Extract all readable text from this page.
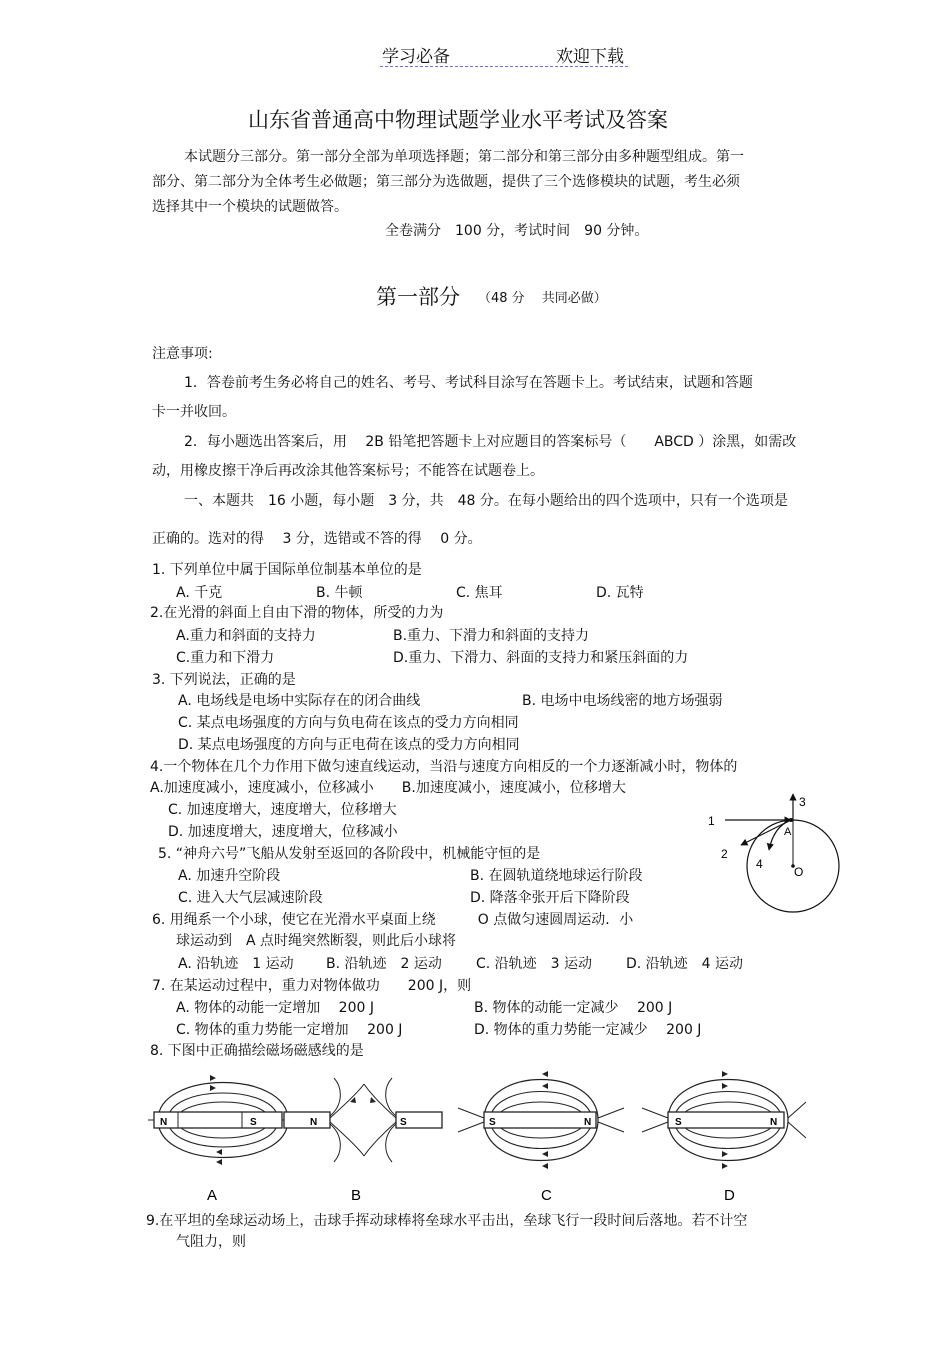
学习必备	欢迎下载
山东省普通高中物理试题学业水平考试及答案
本试题分三部分。第一部分全部为单项选择题；第二部分和第三部分由多种题型组成。第一
部分、第二部分为全体考生必做题；第三部分为选做题，提供了三个选修模块的试题，考生必须
选择其中一个模块的试题做答。
全卷满分　100 分，考试时间　90 分钟。
第一部分 （48 分　 共同必做）
注意事项:
1．答卷前考生务必将自己的姓名、考号、考试科目涂写在答题卡上。考试结束，试题和答题
卡一并收回。
2．每小题选出答案后，用　 2B 铅笔把答题卡上对应题目的答案标号（　　ABCD ）涂黑，如需改
动，用橡皮擦干净后再改涂其他答案标号；不能答在试题卷上。
一、本题共　16 小题，每小题　3 分，共　48 分。在每小题给出的四个选项中，只有一个选项是
正确的。选对的得　 3 分，选错或不答的得　 0 分。
1. 下列单位中属于国际单位制基本单位的是
A. 千克	B. 牛顿	C. 焦耳	D. 瓦特
2.在光滑的斜面上自由下滑的物体，所受的力为
A.重力和斜面的支持力	B.重力、下滑力和斜面的支持力
C.重力和下滑力	D.重力、下滑力、斜面的支持力和紧压斜面的力
3. 下列说法，正确的是
A. 电场线是电场中实际存在的闭合曲线	B. 电场中电场线密的地方场强弱
C. 某点电场强度的方向与负电荷在该点的受力方向相同
D. 某点电场强度的方向与正电荷在该点的受力方向相同
4.一个物体在几个力作用下做匀速直线运动，当沿与速度方向相反的一个力逐渐减小时，物体的
A.加速度减小，速度减小，位移减小　　B.加速度减小，速度减小，位移增大
C. 加速度增大，速度增大，位移增大
D. 加速度增大，速度增大，位移减小
5. “神舟六号”飞船从发射至返回的各阶段中，机械能守恒的是
A. 加速升空阶段	B. 在圆轨道绕地球运行阶段
C. 进入大气层减速阶段	D. 降落伞张开后下降阶段
6. 用绳系一个小球，使它在光滑水平桌面上绕　　　O 点做匀速圆周运动．小
球运动到　A 点时绳突然断裂，则此后小球将
A. 沿轨迹　1 运动 B. 沿轨迹　2 运动 C. 沿轨迹　3 运动 D. 沿轨迹　4 运动
7. 在某运动过程中，重力对物体做功　　200 J，则
A. 物体的动能一定增加　 200 J	B. 物体的动能一定减少　 200 J
C. 物体的重力势能一定增加　 200 J	D. 物体的重力势能一定减少　 200 J
8. 下图中正确描绘磁场磁感线的是
1
2
3
4
A
O
N	S	N	S	S	N	S	N
A	B	C	D
9.在平坦的垒球运动场上，击球手挥动球棒将垒球水平击出，垒球飞行一段时间后落地。若不计空
气阻力，则
